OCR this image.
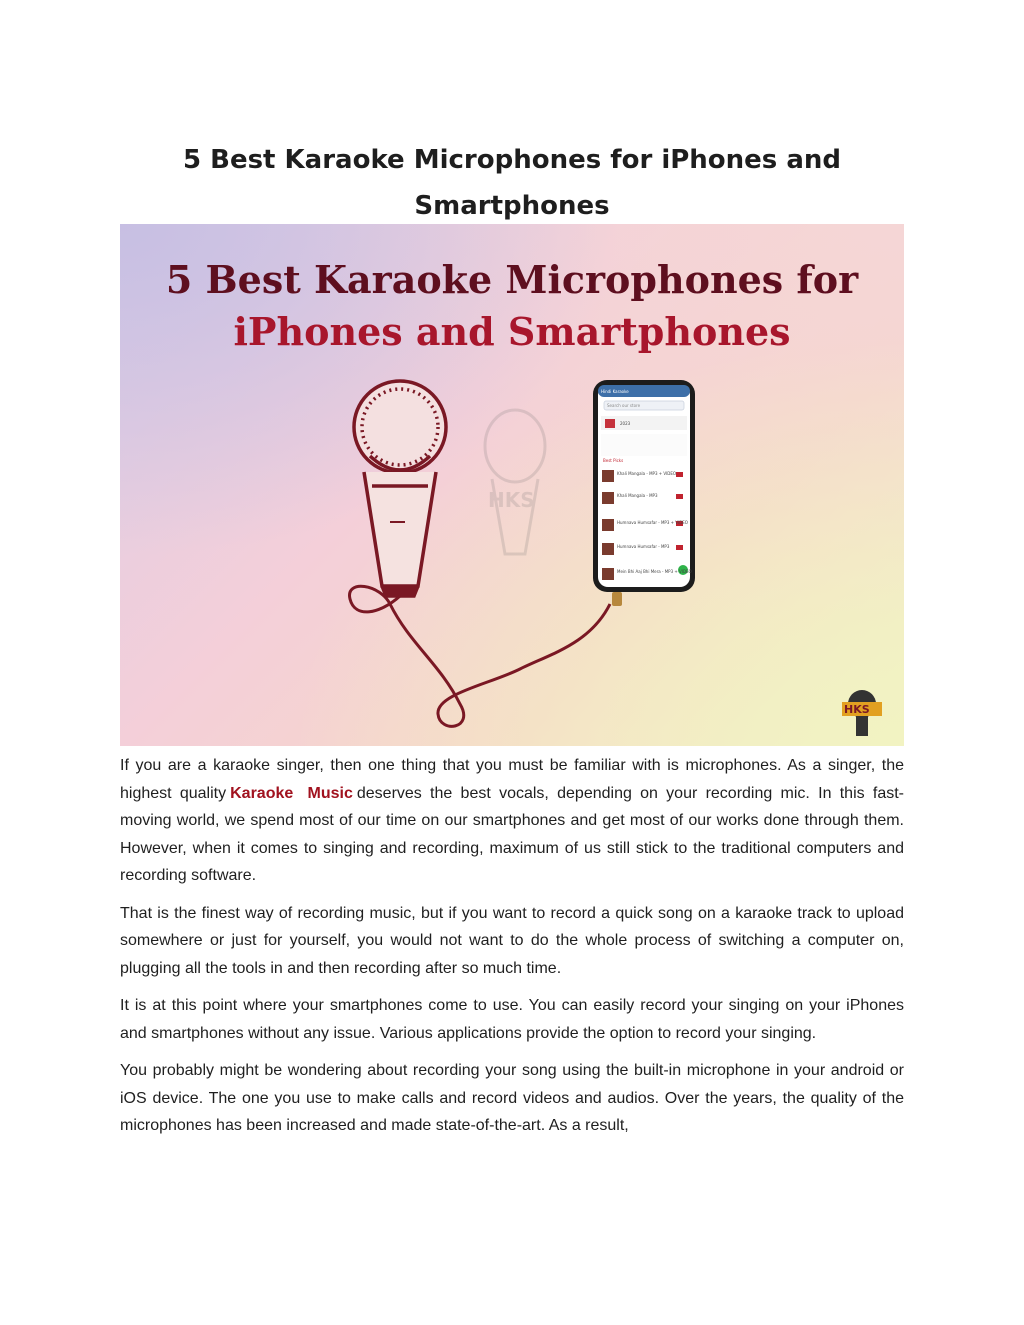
5 Best Karaoke Microphones for iPhones and Smartphones
5 Best Karaoke Microphones for
iPhones and Smartphones
HKS
HKS
Hindi Karaoke
Search our store
2023
Best Picks
Khali Mangala - MP3 + VIDEO
Khali Mangala - MP3
Humnava Humsafar - MP3 + VIDEO
Humnava Humsafar - MP3
Mein Bhi Aaj Bhi Mera - MP3 + VIDEO

If you are a karaoke singer, then one thing that you must be familiar with is microphones. As a singer, the highest quality Karaoke Music deserves the best vocals, depending on your recording mic. In this fast-moving world, we spend most of our time on our smartphones and get most of our works done through them. However, when it comes to singing and recording, maximum of us still stick to the traditional computers and recording software.

That is the finest way of recording music, but if you want to record a quick song on a karaoke track to upload somewhere or just for yourself, you would not want to do the whole process of switching a computer on, plugging all the tools in and then recording after so much time.

It is at this point where your smartphones come to use. You can easily record your singing on your iPhones and smartphones without any issue. Various applications provide the option to record your singing.

You probably might be wondering about recording your song using the built-in microphone in your android or iOS device. The one you use to make calls and record videos and audios. Over the years, the quality of the microphones has been increased and made state-of-the-art. As a result,
